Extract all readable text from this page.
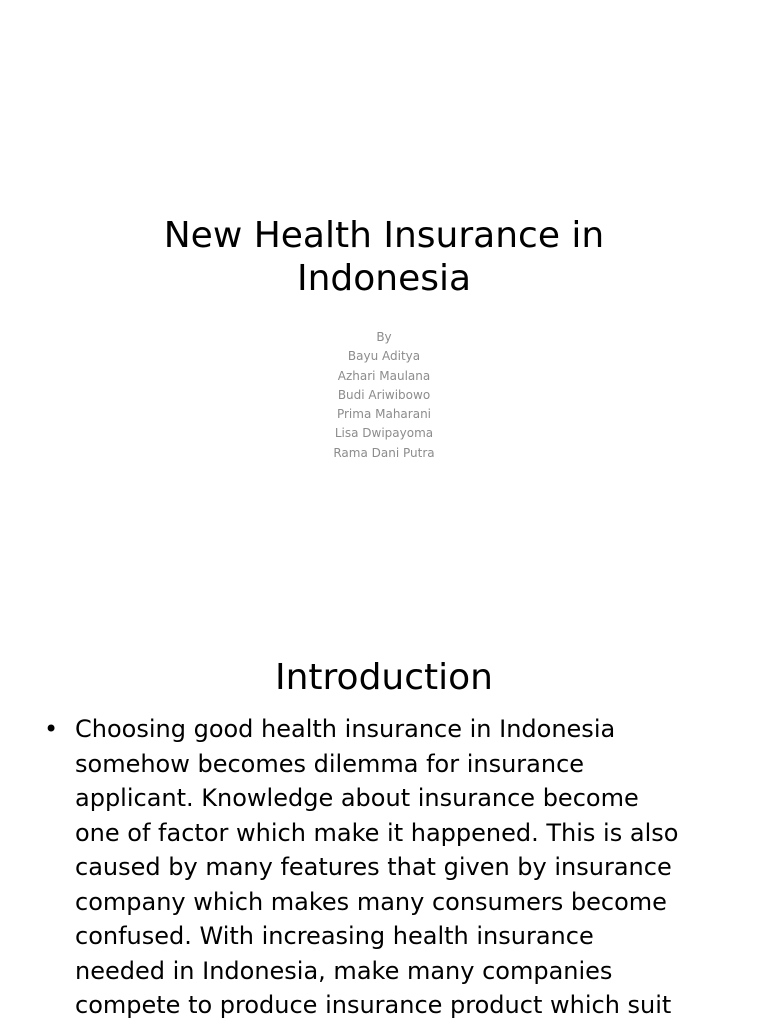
New Health Insurance in
Indonesia
By
Bayu Aditya
Azhari Maulana
Budi Ariwibowo
Prima Maharani
Lisa Dwipayoma
Rama Dani Putra
Introduction
• Choosing good health insurance in Indonesia
somehow becomes dilemma for insurance
applicant. Knowledge about insurance become
one of factor which make it happened. This is also
caused by many features that given by insurance
company which makes many consumers become
confused. With increasing health insurance
needed in Indonesia, make many companies
compete to produce insurance product which suit
